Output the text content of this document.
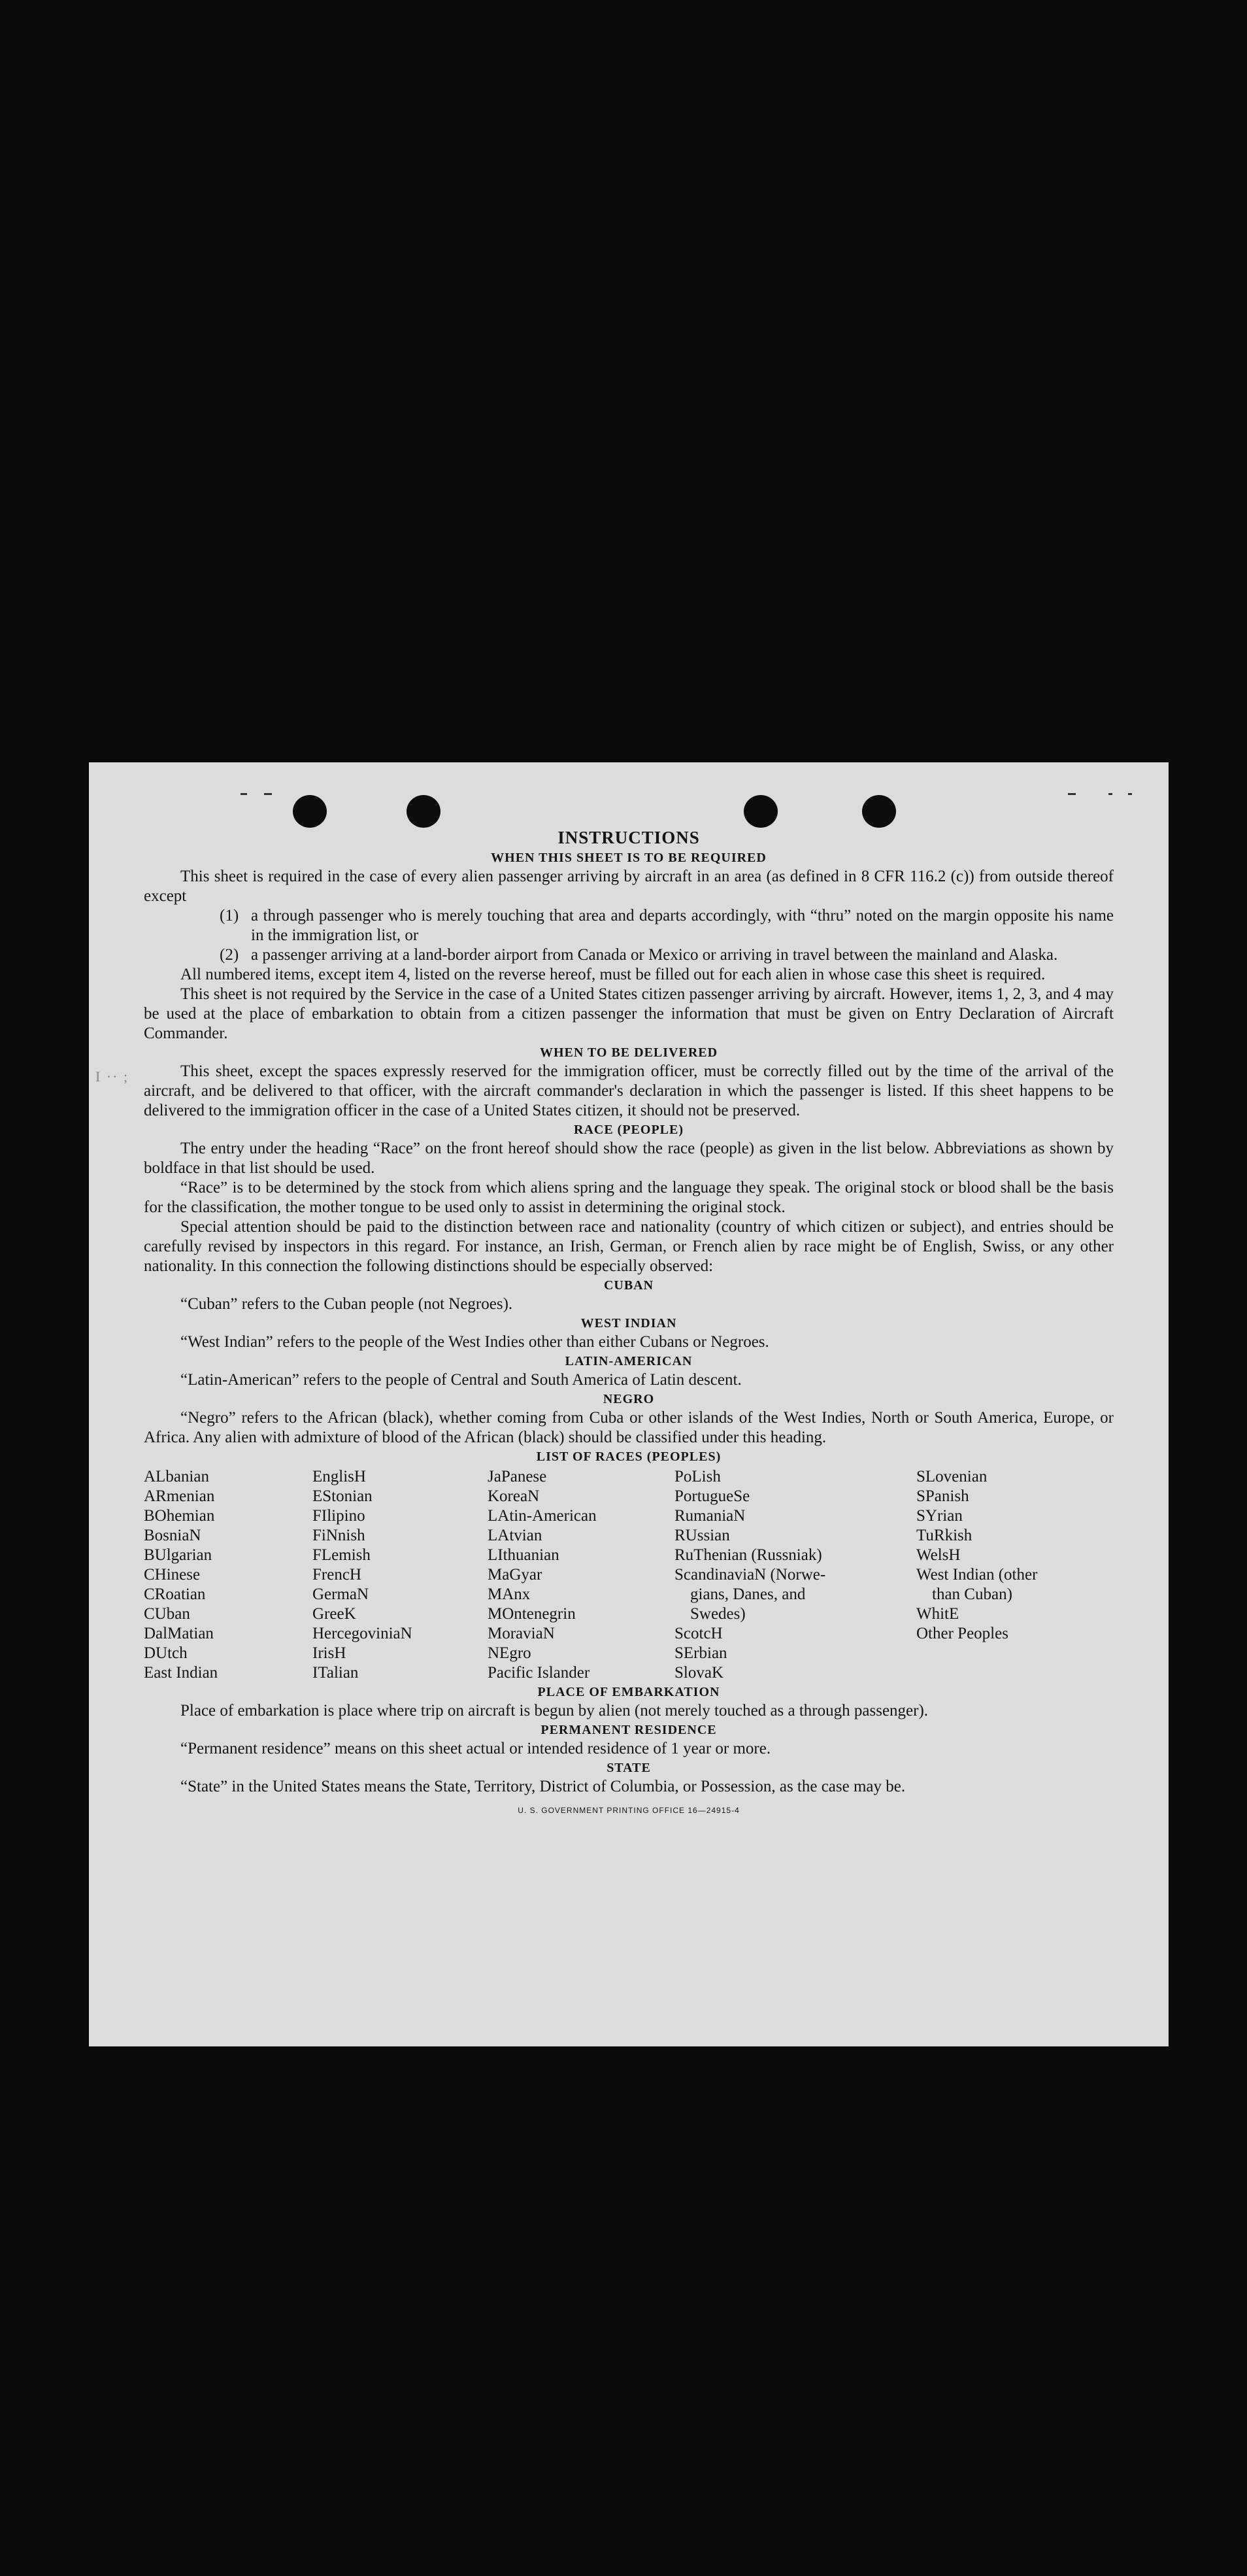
I ·· ;
INSTRUCTIONS
WHEN THIS SHEET IS TO BE REQUIRED

This sheet is required in the case of every alien passenger arriving by aircraft in an area (as defined in 8 CFR 116.2 (c)) from outside thereof except

(1) a through passenger who is merely touching that area and departs accordingly, with “thru” noted on the margin opposite his name in the immigration list, or
(2) a passenger arriving at a land-border airport from Canada or Mexico or arriving in travel between the mainland and Alaska.

All numbered items, except item 4, listed on the reverse hereof, must be filled out for each alien in whose case this sheet is required.

This sheet is not required by the Service in the case of a United States citizen passenger arriving by aircraft. However, items 1, 2, 3, and 4 may be used at the place of embarkation to obtain from a citizen passenger the information that must be given on Entry Declaration of Aircraft Commander.

WHEN TO BE DELIVERED

This sheet, except the spaces expressly reserved for the immigration officer, must be correctly filled out by the time of the arrival of the aircraft, and be delivered to that officer, with the aircraft commander's declaration in which the passenger is listed. If this sheet happens to be delivered to the immigration officer in the case of a United States citizen, it should not be preserved.

RACE (PEOPLE)

The entry under the heading “Race” on the front hereof should show the race (people) as given in the list below. Abbreviations as shown by boldface in that list should be used.

“Race” is to be determined by the stock from which aliens spring and the language they speak. The original stock or blood shall be the basis for the classification, the mother tongue to be used only to assist in determining the original stock.

Special attention should be paid to the distinction between race and nationality (country of which citizen or subject), and entries should be carefully revised by inspectors in this regard. For instance, an Irish, German, or French alien by race might be of English, Swiss, or any other nationality. In this connection the following distinctions should be especially observed:

CUBAN

“Cuban” refers to the Cuban people (not Negroes).

WEST INDIAN

“West Indian” refers to the people of the West Indies other than either Cubans or Negroes.

LATIN-AMERICAN

“Latin-American” refers to the people of Central and South America of Latin descent.

NEGRO

“Negro” refers to the African (black), whether coming from Cuba or other islands of the West Indies, North or South America, Europe, or Africa. Any alien with admixture of blood of the African (black) should be classified under this heading.

LIST OF RACES (PEOPLES)
ALbanian
ARmenian
BOhemian
BosniaN
BUlgarian
CHinese
CRoatian
CUban
DalMatian
DUtch
East Indian
EnglisH
EStonian
FIlipino
FiNnish
FLemish
FrencH
GermaN
GreeK
HercegoviniaN
IrisH
ITalian
JaPanese
KoreaN
LAtin-American
LAtvian
LIthuanian
MaGyar
MAnx
MOntenegrin
MoraviaN
NEgro
Pacific Islander
PoLish
PortugueSe
RumaniaN
RUssian
RuThenian (Russniak)
ScandinaviaN (Norwe-
gians, Danes, and
Swedes)
ScotcH
SErbian
SlovaK
SLovenian
SPanish
SYrian
TuRkish
WelsH
West Indian (other
than Cuban)
WhitE
Other Peoples
PLACE OF EMBARKATION

Place of embarkation is place where trip on aircraft is begun by alien (not merely touched as a through passenger).

PERMANENT RESIDENCE

“Permanent residence” means on this sheet actual or intended residence of 1 year or more.

STATE

“State” in the United States means the State, Territory, District of Columbia, or Possession, as the case may be.

U. S. GOVERNMENT PRINTING OFFICE 16—24915-4
